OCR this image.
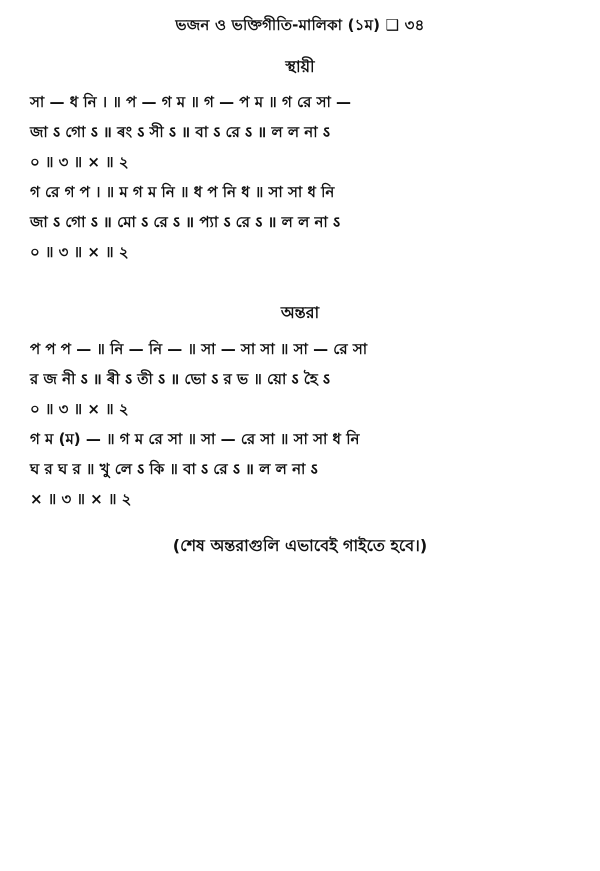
ভজন ও ভক্তিগীতি-মালিকা (১ম) ❑ ৩৪
স্থায়ী
সা — ধ নি । ॥ প — গ ম ॥ গ — প ম ॥ গ রে সা —
জা ऽ গো ऽ ॥ ৰং ऽ সী ऽ ॥ বা ऽ রে ऽ ॥ ল ল না ऽ
০ ॥ ৩ ॥ × ॥ ২
গ রে গ প । ॥ ম গ ম নি ॥ ধ প নি ধ ॥ সা সা ধ নি
জা ऽ গো ऽ ॥ মো ऽ রে ऽ ॥ প্যা ऽ রে ऽ ॥ ল ল না ऽ
০ ॥ ৩ ॥ × ॥ ২
অন্তরা
প প প — ॥ নি — নি — ॥ সা — সা সা ॥ সা — রে সা
র জ নী ऽ ॥ ৰী ऽ তী ऽ ॥ ভো ऽ র ভ ॥ য়ো ऽ হৈ ऽ
০ ॥ ৩ ॥ × ॥ ২
গ ম (ম) — ॥ গ ম রে সা ॥ সা — রে সা ॥ সা সা ধ নি
ঘ র ঘ র ॥ খু লে ऽ কি ॥ বা ऽ রে ऽ ॥ ল ল না ऽ
× ॥ ৩ ॥ × ॥ ২
(শেষ অন্তরাগুলি এভাবেই গাইতে হবে।)
